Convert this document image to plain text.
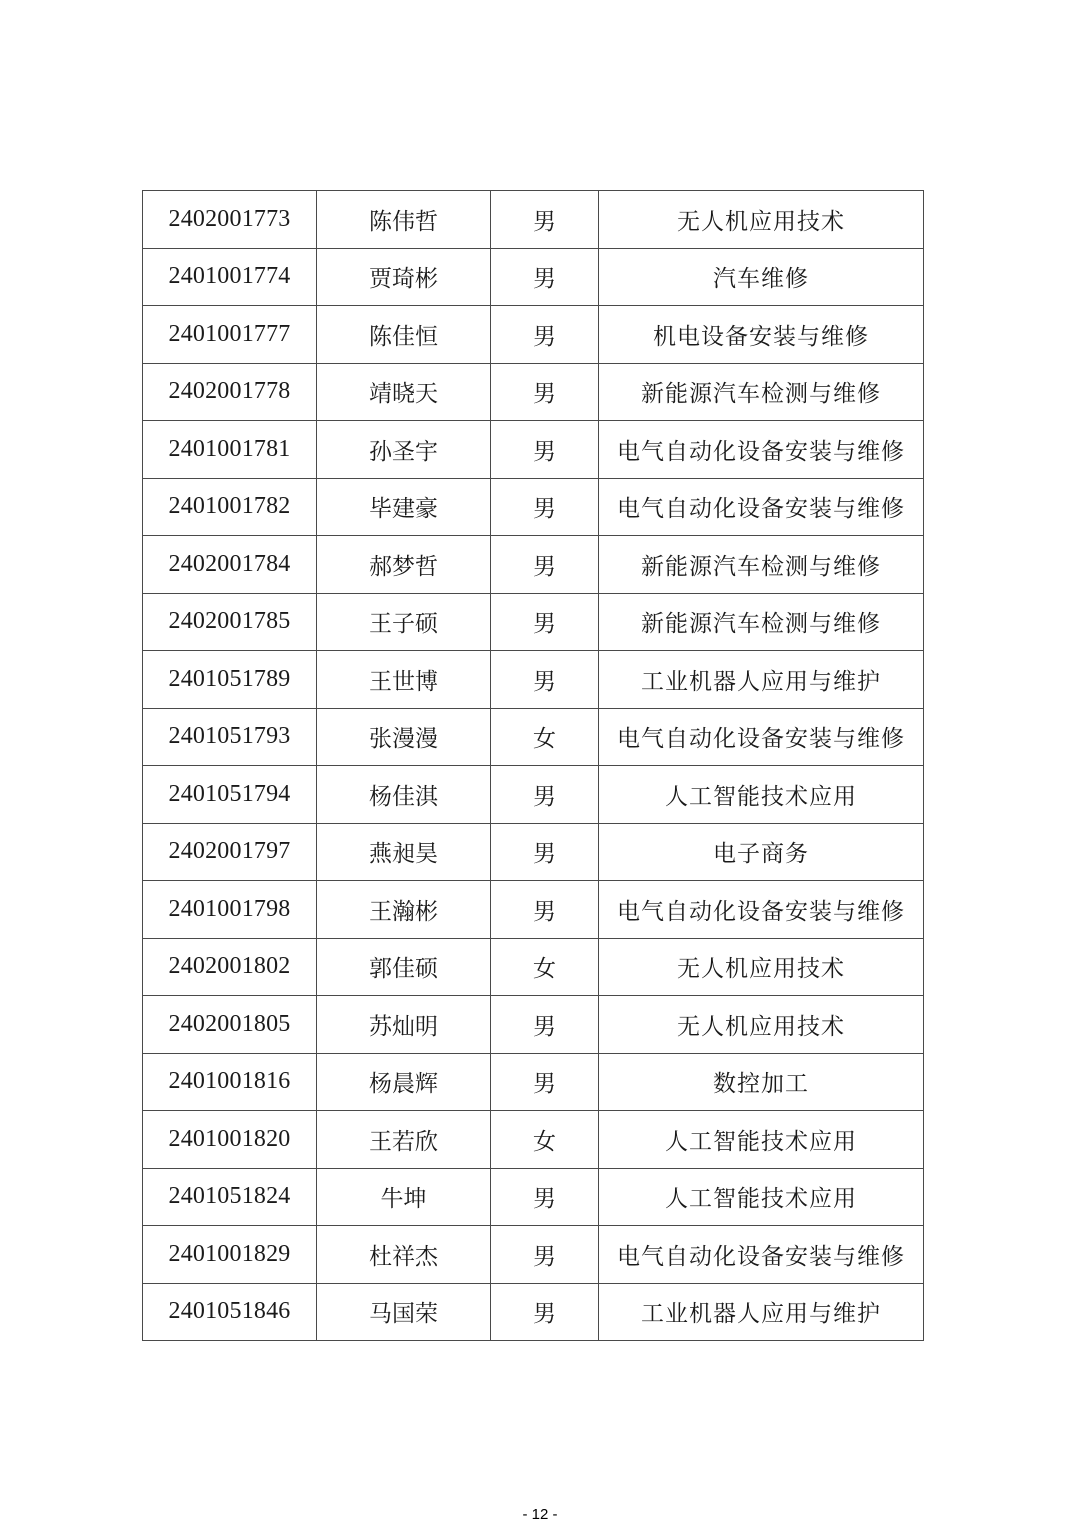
2402001773	陈伟哲	男	无人机应用技术
2401001774	贾琦彬	男	汽车维修
2401001777	陈佳恒	男	机电设备安装与维修
2402001778	靖晓天	男	新能源汽车检测与维修
2401001781	孙圣宇	男	电气自动化设备安装与维修
2401001782	毕建豪	男	电气自动化设备安装与维修
2402001784	郝梦哲	男	新能源汽车检测与维修
2402001785	王子硕	男	新能源汽车检测与维修
2401051789	王世博	男	工业机器人应用与维护
2401051793	张漫漫	女	电气自动化设备安装与维修
2401051794	杨佳淇	男	人工智能技术应用
2402001797	燕昶昊	男	电子商务
2401001798	王瀚彬	男	电气自动化设备安装与维修
2402001802	郭佳硕	女	无人机应用技术
2402001805	苏灿明	男	无人机应用技术
2401001816	杨晨辉	男	数控加工
2401001820	王若欣	女	人工智能技术应用
2401051824	牛坤	男	人工智能技术应用
2401001829	杜祥杰	男	电气自动化设备安装与维修
2401051846	马国荣	男	工业机器人应用与维护
- 12 -
